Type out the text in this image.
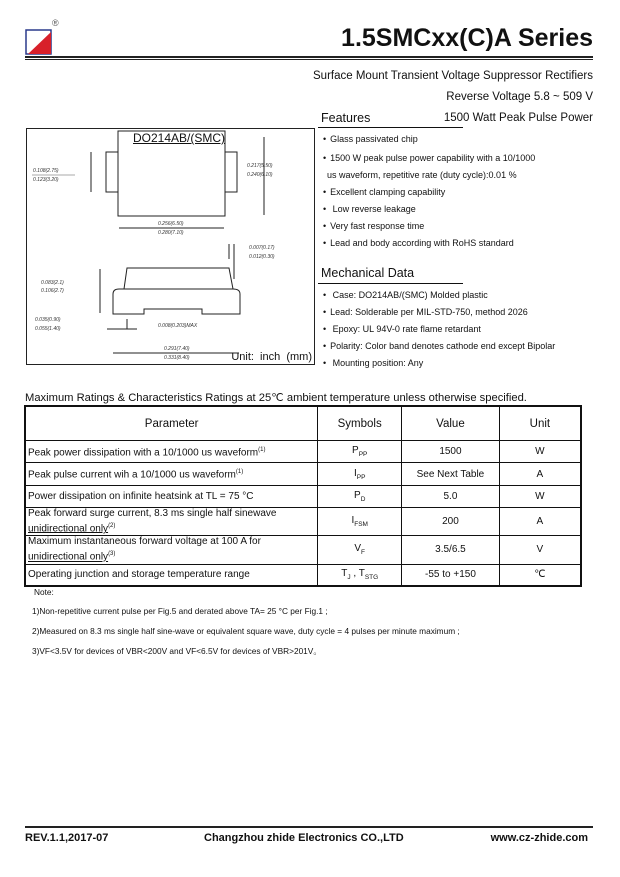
®
1.5SMCxx(C)A Series
Surface Mount Transient Voltage Suppressor Rectifiers
Reverse Voltage 5.8 ~ 509 V
1500 Watt Peak Pulse Power
DO214AB/(SMC)
0.108(2.75)
0.123(3.20)
0.217(5.50)
0.240(6.10)
0.256(6.50)
0.280(7.10)
0.007(0.17)
0.012(0.30)
0.083(2.1)
0.106(2.7)
0.035(0.90)
0.055(1.40)	0.008(0.203)MAX
0.291(7.40)
0.331(8.40)	Unit:  inch  (mm)
Features
• Glass passivated chip
• 1500 W peak pulse power capability with a 10/1000
us waveform, repetitive rate (duty cycle):0.01 %
• Excellent clamping capability
• Low reverse leakage
• Very fast response time
• Lead and body according with RoHS standard
Mechanical Data
• Case: DO214AB/(SMC) Molded plastic
• Lead: Solderable per MIL-STD-750, method 2026
• Epoxy: UL 94V-0 rate flame retardant
• Polarity: Color band denotes cathode end except Bipolar
• Mounting position: Any
Maximum Ratings & Characteristics Ratings at 25℃ ambient temperature unless otherwise specified.
Parameter	Symbols	Value	Unit
Peak power dissipation with a 10/1000 us waveform$^{(1)}$	$P_{PP}$	1500	W
Peak pulse current wih a 10/1000 us waveform$^{(1)}$	$I_{PP}$	See Next Table	A
Power dissipation on infinite heatsink at TL = 75 °C	$P_D$	5.0	W
Peak forward surge current, 8.3 ms single half sinewave
unidirectional only$^{(2)}$	$I_{FSM}$	200	A
Maximum instantaneous forward voltage at 100 A for
unidirectional only$^{(3)}$	$V_F$	3.5/6.5	V
Operating junction and storage temperature range	$T_J$ , $T_{STG}$	-55 to +150	℃
Note:
1)Non-repetitive current pulse per Fig.5 and derated above TA= 25 °C per Fig.1 ;
2)Measured on 8.3 ms single half sine-wave or equivalent square wave, duty cycle = 4 pulses per minute maximum ;
3)VF<3.5V for devices of VBR<200V and VF<6.5V for devices of VBR>201V。
REV.1.1,2017-07	Changzhou zhide Electronics CO.,LTD	www.cz-zhide.com
